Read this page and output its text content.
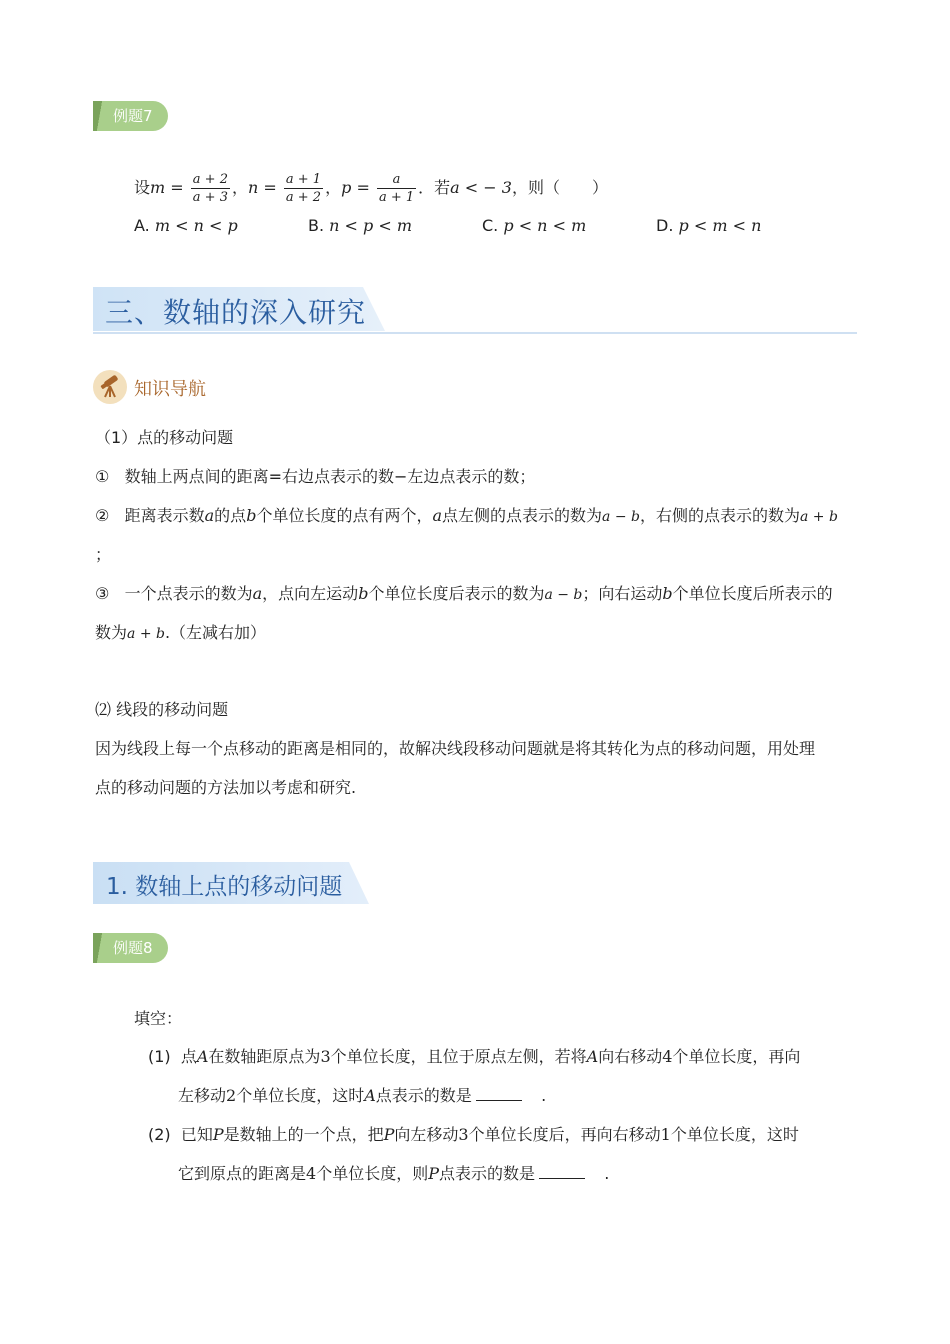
例题7
设$m = \frac{a + 2}{a + 3}$ ，$n = \frac{a + 1}{a + 2}$ ，$p = \frac{a}{a + 1}$ ．若a < − 3，则（　　）
A. m < n < p	B. n < p < m	C. p < n < m	D. p < m < n
三、数轴的深入研究
知识导航
（1）点的移动问题
① 数轴上两点间的距离=右边点表示的数−左边点表示的数；
② 距离表示数a的点b个单位长度的点有两个，a点左侧的点表示的数为a − b，右侧的点表示的数为a + b
；
③ 一个点表示的数为a，点向左运动b个单位长度后表示的数为a − b；向右运动b个单位长度后所表示的
数为a + b.（左减右加）
⑵ 线段的移动问题
因为线段上每一个点移动的距离是相同的，故解决线段移动问题就是将其转化为点的移动问题，用处理
点的移动问题的方法加以考虑和研究.
1. 数轴上点的移动问题
例题8
填空：
(1) 点A在数轴距原点为3个单位长度，且位于原点左侧，若将A向右移动4个单位长度，再向
左移动2个单位长度，这时A点表示的数是	.
(2) 已知P是数轴上的一个点，把P向左移动3个单位长度后，再向右移动1个单位长度，这时
它到原点的距离是4个单位长度，则P点表示的数是	.
